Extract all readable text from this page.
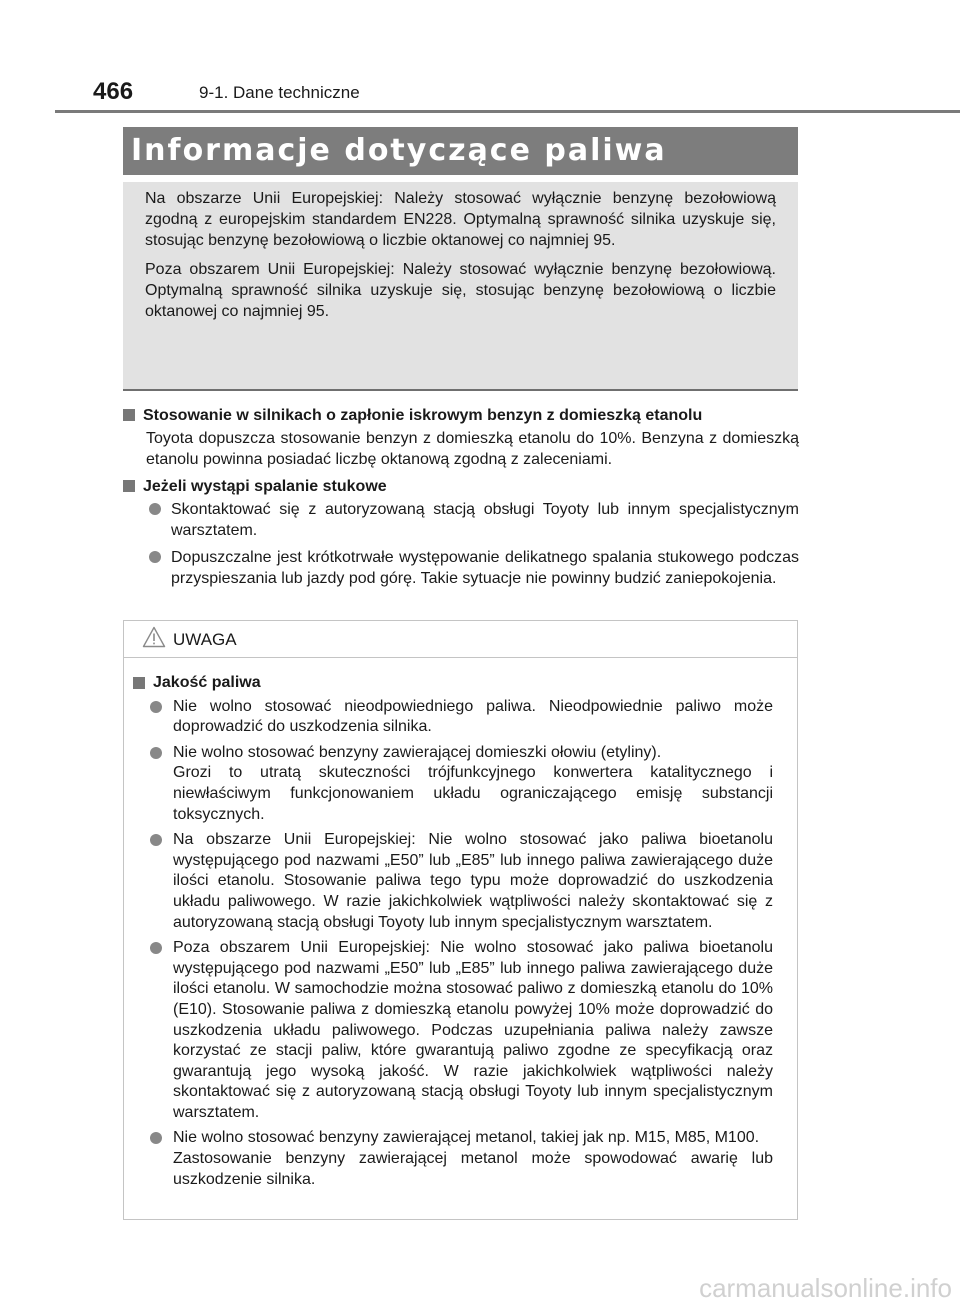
466	9-1. Dane techniczne
Informacje dotyczące paliwa

Na obszarze Unii Europejskiej: Należy stosować wyłącznie benzynę bezołowiową zgodną z europejskim standardem EN228. Optymalną sprawność silnika uzyskuje się, stosując benzynę bezołowiową o liczbie oktanowej co najmniej 95.

Poza obszarem Unii Europejskiej: Należy stosować wyłącznie benzynę bezołowiową. Optymalną sprawność silnika uzyskuje się, stosując benzynę bezołowiową o liczbie oktanowej co najmniej 95.

Stosowanie w silnikach o zapłonie iskrowym benzyn z domieszką etanolu
Toyota dopuszcza stosowanie benzyn z domieszką etanolu do 10%. Benzyna z domieszką etanolu powinna posiadać liczbę oktanową zgodną z zaleceniami.
Jeżeli wystąpi spalanie stukowe
Skontaktować się z autoryzowaną stacją obsługi Toyoty lub innym specjalistycznym warsztatem.
Dopuszczalne jest krótkotrwałe występowanie delikatnego spalania stukowego podczas przyspieszania lub jazdy pod górę. Takie sytuacje nie powinny budzić zaniepokojenia.
UWAGA
Jakość paliwa
Nie wolno stosować nieodpowiedniego paliwa. Nieodpowiednie paliwo może doprowadzić do uszkodzenia silnika.
Nie wolno stosować benzyny zawierającej domieszki ołowiu (etyliny).
Grozi to utratą skuteczności trójfunkcyjnego konwertera katalitycznego i niewłaściwym funkcjonowaniem układu ograniczającego emisję substancji toksycznych.
Na obszarze Unii Europejskiej: Nie wolno stosować jako paliwa bioetanolu występującego pod nazwami „E50” lub „E85” lub innego paliwa zawierającego duże ilości etanolu. Stosowanie paliwa tego typu może doprowadzić do uszkodzenia układu paliwowego. W razie jakichkolwiek wątpliwości należy skontaktować się z autoryzowaną stacją obsługi Toyoty lub innym specjalistycznym warsztatem.
Poza obszarem Unii Europejskiej: Nie wolno stosować jako paliwa bioetanolu występującego pod nazwami „E50” lub „E85” lub innego paliwa zawierającego duże ilości etanolu. W samochodzie można stosować paliwo z domieszką etanolu do 10% (E10). Stosowanie paliwa z domieszką etanolu powyżej 10% może doprowadzić do uszkodzenia układu paliwowego. Podczas uzupełniania paliwa należy zawsze korzystać ze stacji paliw, które gwarantują paliwo zgodne ze specyfikacją oraz gwarantują jego wysoką jakość. W razie jakichkolwiek wątpliwości należy skontaktować się z autoryzowaną stacją obsługi Toyoty lub innym specjalistycznym warsztatem.
Nie wolno stosować benzyny zawierającej metanol, takiej jak np. M15, M85, M100.
Zastosowanie benzyny zawierającej metanol może spowodować awarię lub uszkodzenie silnika.
carmanualsonline.info
